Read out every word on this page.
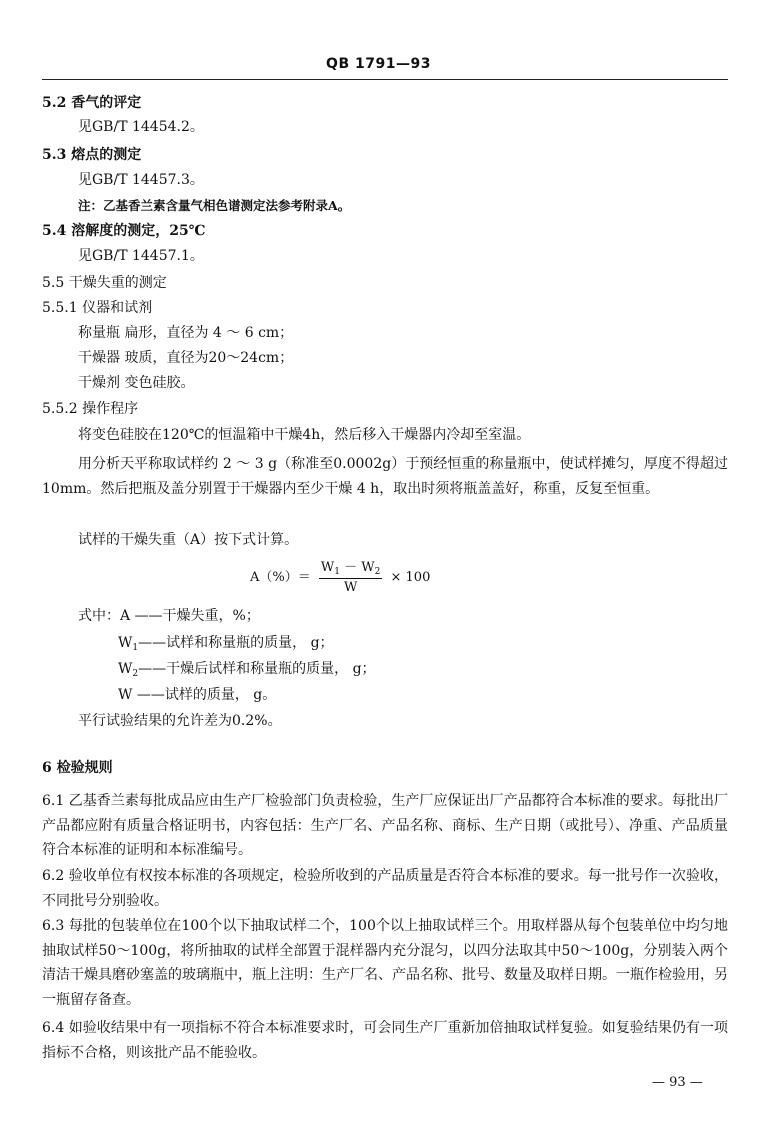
QB 1791—93
5.2 香气的评定
见GB/T 14454.2。
5.3 熔点的测定
见GB/T 14457.3。
注：乙基香兰素含量气相色谱测定法参考附录A。
5.4 溶解度的测定，25℃
见GB/T 14457.1。
5.5 干燥失重的测定
5.5.1 仪器和试剂
称量瓶 扁形，直径为 4 ～ 6 cm；
干燥器 玻质，直径为20～24cm；
干燥剂 变色硅胶。
5.5.2 操作程序
将变色硅胶在120℃的恒温箱中干燥4h，然后移入干燥器内冷却至室温。
用分析天平称取试样约 2 ～ 3 g（称准至0.0002g）于预经恒重的称量瓶中，使试样摊匀，厚度不得超过10mm。然后把瓶及盖分别置于干燥器内至少干燥 4 h，取出时须将瓶盖盖好，称重，反复至恒重。
试样的干燥失重（A）按下式计算。
$A(\%)= \frac{W_1 - W_2}{W} \times 100$
式中：A ——干燥失重，%；
$W_1——$试样和称量瓶的质量， g；
$W_2——$干燥后试样和称量瓶的质量， g；
W ——试样的质量， g。
平行试验结果的允许差为0.2%。
6 检验规则
6.1 乙基香兰素每批成品应由生产厂检验部门负责检验，生产厂应保证出厂产品都符合本标准的要求。每批出厂产品都应附有质量合格证明书，内容包括：生产厂名、产品名称、商标、生产日期（或批号）、净重、产品质量符合本标准的证明和本标准编号。
6.2 验收单位有权按本标准的各项规定，检验所收到的产品质量是否符合本标准的要求。每一批号作一次验收，不同批号分别验收。
6.3 每批的包装单位在100个以下抽取试样二个，100个以上抽取试样三个。用取样器从每个包装单位中均匀地抽取试样50～100g，将所抽取的试样全部置于混样器内充分混匀，以四分法取其中50～100g，分别装入两个清洁干燥具磨砂塞盖的玻璃瓶中，瓶上注明：生产厂名、产品名称、批号、数量及取样日期。一瓶作检验用，另一瓶留存备查。
6.4 如验收结果中有一项指标不符合本标准要求时，可会同生产厂重新加倍抽取试样复验。如复验结果仍有一项指标不合格，则该批产品不能验收。
— 93 —
